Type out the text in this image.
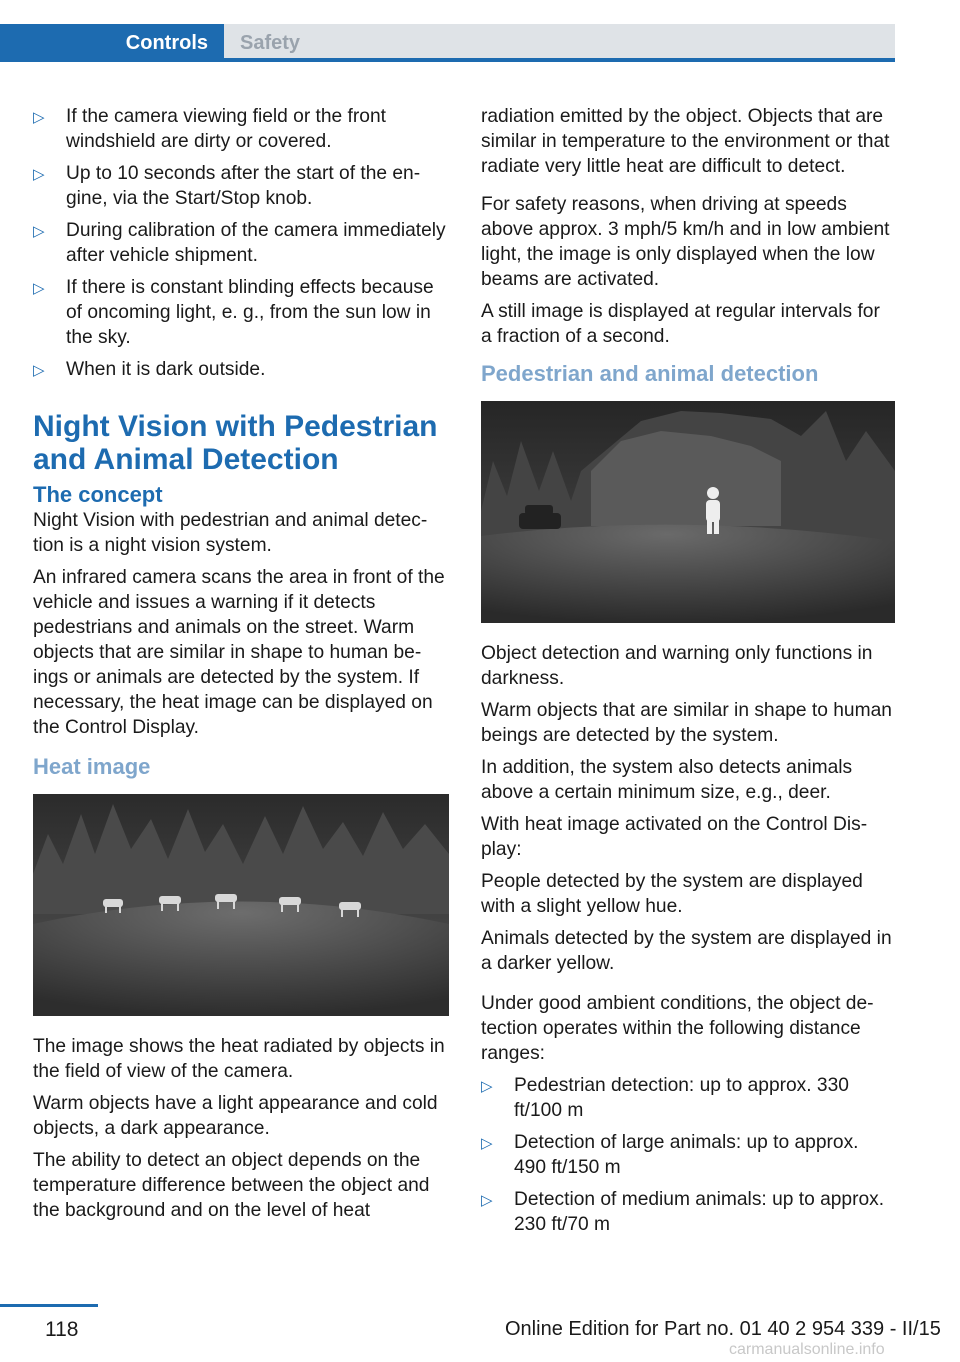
Controls	Safety
▷ If the camera viewing field or the front windshield are dirty or covered.
▷ Up to 10 seconds after the start of the engine, via the Start/Stop knob.
▷ During calibration of the camera immediately after vehicle shipment.
▷ If there is constant blinding effects because of oncoming light, e. g., from the sun low in the sky.
▷ When it is dark outside.
Night Vision with Pedestrian and Animal Detection
The concept

Night Vision with pedestrian and animal detection is a night vision system.

An infrared camera scans the area in front of the vehicle and issues a warning if it detects pedestrians and animals on the street. Warm objects that are similar in shape to human beings or animals are detected by the system. If necessary, the heat image can be displayed on the Control Display.

Heat image

The image shows the heat radiated by objects in the field of view of the camera.

Warm objects have a light appearance and cold objects, a dark appearance.

The ability to detect an object depends on the temperature difference between the object and the background and on the level of heat

radiation emitted by the object. Objects that are similar in temperature to the environment or that radiate very little heat are difficult to detect.

For safety reasons, when driving at speeds above approx. 3 mph/5 km/h and in low ambient light, the image is only displayed when the low beams are activated.

A still image is displayed at regular intervals for a fraction of a second.

Pedestrian and animal detection

Object detection and warning only functions in darkness.

Warm objects that are similar in shape to human beings are detected by the system.

In addition, the system also detects animals above a certain minimum size, e.g., deer.

With heat image activated on the Control Display:

People detected by the system are displayed with a slight yellow hue.

Animals detected by the system are displayed in a darker yellow.

Under good ambient conditions, the object detection operates within the following distance ranges:

▷ Pedestrian detection: up to approx. 330 ft/100 m
▷ Detection of large animals: up to approx. 490 ft/150 m
▷ Detection of medium animals: up to approx. 230 ft/70 m
118	Online Edition for Part no. 01 40 2 954 339 - II/15
carmanualsonline.info
